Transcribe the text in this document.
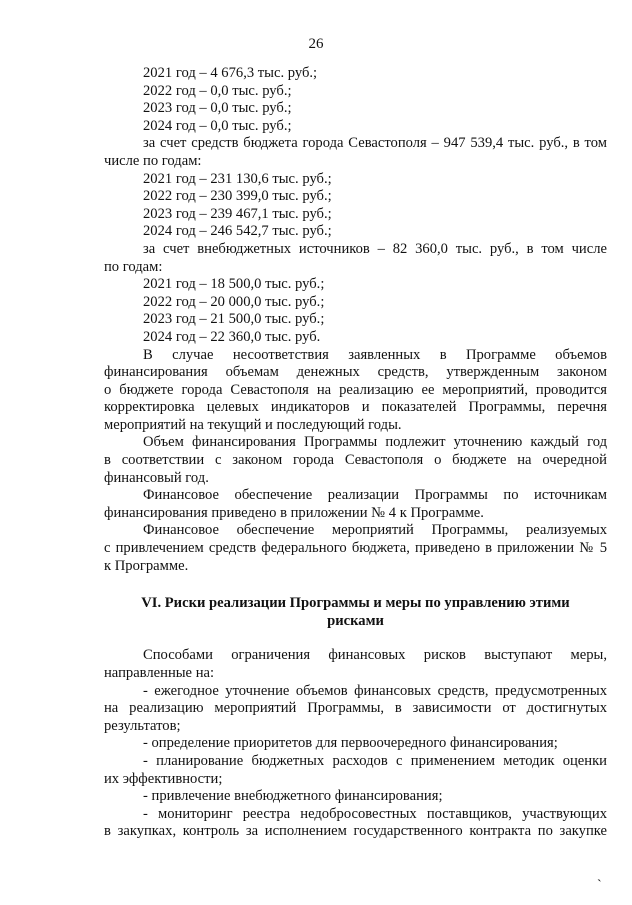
26

2021 год – 4 676,3 тыс. руб.;

2022 год – 0,0 тыс. руб.;

2023 год – 0,0 тыс. руб.;

2024 год – 0,0 тыс. руб.;

за счет средств бюджета города Севастополя – 947 539,4 тыс. руб., в том

числе по годам:

2021 год – 231 130,6 тыс. руб.;

2022 год – 230 399,0 тыс. руб.;

2023 год – 239 467,1 тыс. руб.;

2024 год – 246 542,7 тыс. руб.;

за счет внебюджетных источников – 82 360,0 тыс. руб., в том числе

по годам:

2021 год – 18 500,0 тыс. руб.;

2022 год – 20 000,0 тыс. руб.;

2023 год – 21 500,0 тыс. руб.;

2024 год – 22 360,0 тыс. руб.

В случае несоответствия заявленных в Программе объемов

финансирования объемам денежных средств, утвержденным законом

о бюджете города Севастополя на реализацию ее мероприятий, проводится

корректировка целевых индикаторов и показателей Программы, перечня

мероприятий на текущий и последующий годы.

Объем финансирования Программы подлежит уточнению каждый год

в соответствии с законом города Севастополя о бюджете на очередной

финансовый год.

Финансовое обеспечение реализации Программы по источникам

финансирования приведено в приложении № 4 к Программе.

Финансовое обеспечение мероприятий Программы, реализуемых

с привлечением средств федерального бюджета, приведено в приложении № 5

к Программе.

VI. Риски реализации Программы и меры по управлению этими
рисками

Способами ограничения финансовых рисков выступают меры,

направленные на:

- ежегодное уточнение объемов финансовых средств, предусмотренных

на реализацию мероприятий Программы, в зависимости от достигнутых

результатов;

- определение приоритетов для первоочередного финансирования;

- планирование бюджетных расходов с применением методик оценки

их эффективности;

- привлечение внебюджетного финансирования;

- мониторинг реестра недобросовестных поставщиков, участвующих

в закупках, контроль за исполнением государственного контракта по закупке

`
